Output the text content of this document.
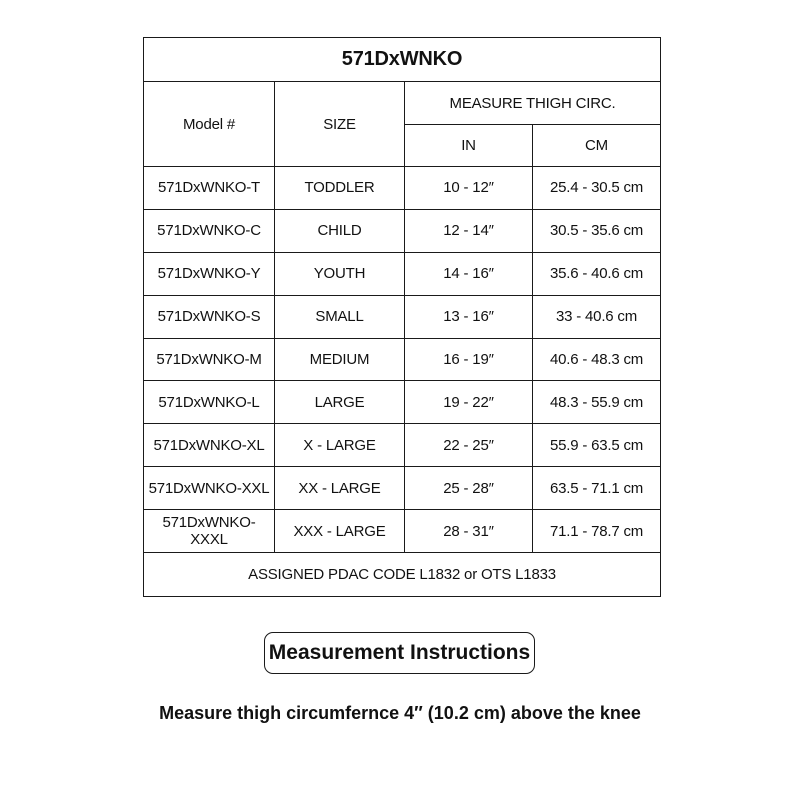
571DxWNKO			
Model #	SIZE	MEASURE THIGH CIRC.	
		IN	CM
571DxWNKO-T	TODDLER	10 - 12″	25.4 - 30.5 cm
571DxWNKO-C	CHILD	12 - 14″	30.5 - 35.6 cm
571DxWNKO-Y	YOUTH	14 - 16″	35.6 - 40.6 cm
571DxWNKO-S	SMALL	13 - 16″	33 - 40.6 cm
571DxWNKO-M	MEDIUM	16 - 19″	40.6 - 48.3 cm
571DxWNKO-L	LARGE	19 - 22″	48.3 - 55.9 cm
571DxWNKO-XL	X - LARGE	22 - 25″	55.9 - 63.5 cm
571DxWNKO-XXL	XX - LARGE	25 - 28″	63.5 - 71.1 cm
571DxWNKO-XXXL	XXX - LARGE	28 - 31″	71.1 - 78.7 cm
ASSIGNED PDAC CODE L1832 or OTS L1833			
Measurement Instructions
Measure thigh circumfernce 4″ (10.2 cm) above the knee
